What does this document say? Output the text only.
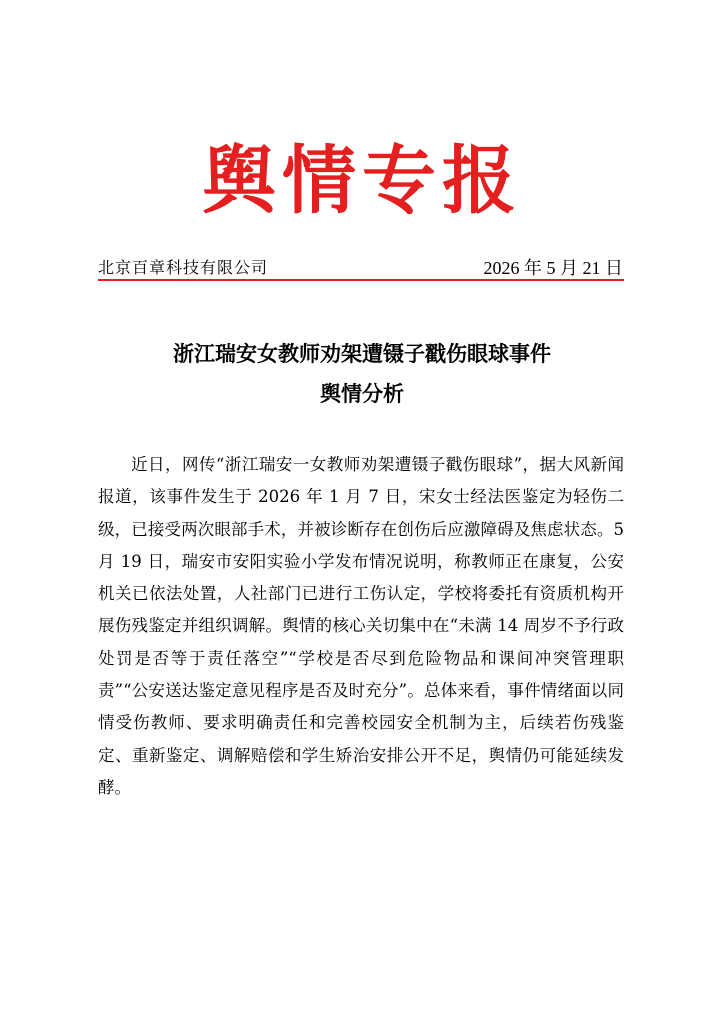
舆情专报
北京百章科技有限公司	2026 年 5 月 21 日
浙江瑞安女教师劝架遭镊子戳伤眼球事件
舆情分析

近日，网传“浙江瑞安一女教师劝架遭镊子戳伤眼球”，据大风新闻报道，该事件发生于 2026 年 1 月 7 日，宋女士经法医鉴定为轻伤二级，已接受两次眼部手术，并被诊断存在创伤后应激障碍及焦虑状态。5 月 19 日，瑞安市安阳实验小学发布情况说明，称教师正在康复，公安机关已依法处置，人社部门已进行工伤认定，学校将委托有资质机构开展伤残鉴定并组织调解。舆情的核心关切集中在“未满 14 周岁不予行政处罚是否等于责任落空”“学校是否尽到危险物品和课间冲突管理职责”“公安送达鉴定意见程序是否及时充分”。总体来看，事件情绪面以同情受伤教师、要求明确责任和完善校园安全机制为主，后续若伤残鉴定、重新鉴定、调解赔偿和学生矫治安排公开不足，舆情仍可能延续发酵。
